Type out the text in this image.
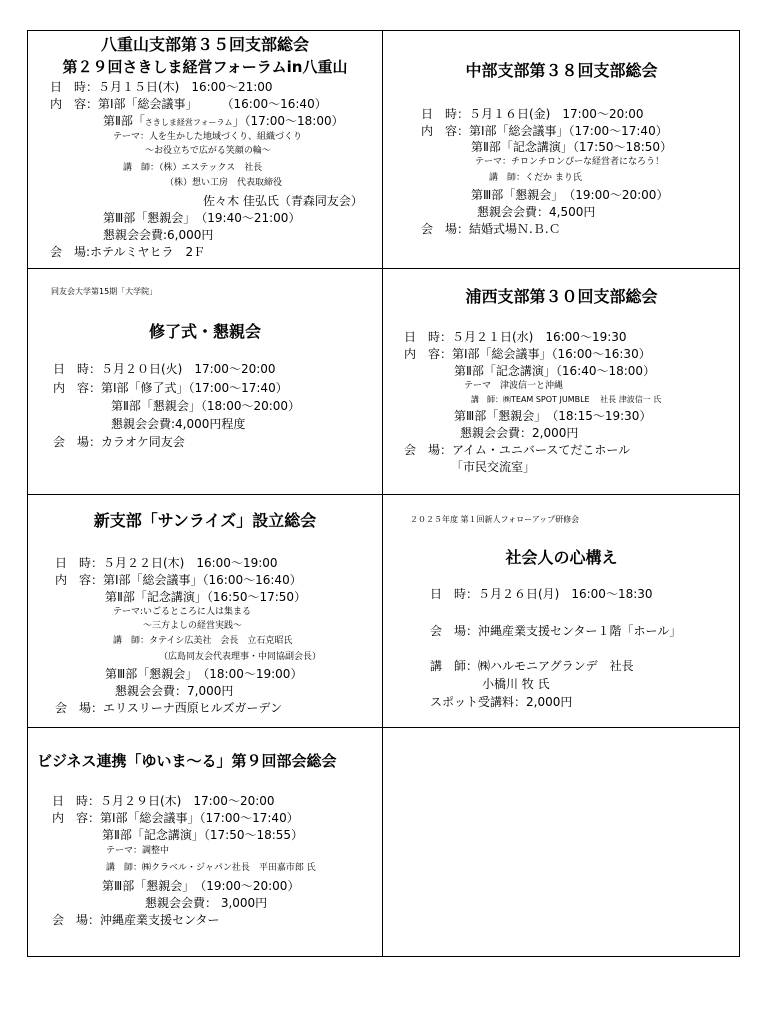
八重山支部第３５回支部総会
第２９回さきしま経営フォーラムin八重山
日　時：５月１５日(木)　16:00～21:00
内　容：第Ⅰ部「総会議事」　　　（16:00～16:40）
第Ⅱ部「さきしま経営フォーラム」（17:00～18:00）
テーマ：人を生かした地域づくり、組織づくり
～お役立ちで広がる笑顔の輪～
講　師：（株）エステックス　社長
（株）想い工房　代表取締役
佐々木 佳弘氏（青森同友会）
第Ⅲ部「懇親会」　（19:40～21:00）
懇親会会費:6,000円
会　場:ホテルミヤヒラ　2Ｆ
中部支部第３８回支部総会
日　時：５月１６日(金)　17:00～20:00
内　容：第Ⅰ部「総会議事」（17:00～17:40）
第Ⅱ部「記念講演」（17:50～18:50）
テーマ：チロンチロンぴーな経営者になろう！
講　師：くだか まり氏
第Ⅲ部「懇親会」　（19:00～20:00）
懇親会会費：4,500円
会　場：結婚式場Ｎ.Ｂ.Ｃ
同友会大学第15期「大学院」
修了式・懇親会
日　時：５月２０日(火)　17:00～20:00
内　容：第Ⅰ部「修了式」（17:00～17:40）
第Ⅱ部「懇親会」（18:00～20:00）
懇親会会費:4,000円程度
会　場：カラオケ同友会
浦西支部第３０回支部総会
日　時：５月２１日(水)　16:00～19:30
内　容：第Ⅰ部「総会議事」（16:00～16:30）
第Ⅱ部「記念講演」（16:40～18:00）
テーマ　津波信一と沖縄
講　師：㈱TEAM SPOT JUMBLE　 社長 津波信一 氏
第Ⅲ部「懇親会」　（18:15～19:30）
懇親会会費：2,000円
会　場：アイム・ユニバースてだこホール
「市民交流室」
新支部「サンライズ」設立総会
日　時：５月２２日(木)　16:00～19:00
内　容：第Ⅰ部「総会議事」（16:00～16:40）
第Ⅱ部「記念講演」（16:50～17:50）
テーマ:いごるところに人は集まる
～三方よしの経営実践～
講　師：タテイシ広美社　会長　立石克昭氏
（広島同友会代表理事・中同協副会長）
第Ⅲ部「懇親会」　（18:00～19:00）
懇親会会費：7,000円
会　場：エリスリーナ西原ヒルズガーデン
２０２５年度 第１回新人フォローアップ研修会
社会人の心構え
日　時：５月２６日(月)　16:00～18:30
会　場：沖縄産業支援センター１階「ホール」
講　師：㈱ハルモニアグランデ　社長
小橋川 牧 氏
スポット受講料：2,000円
ビジネス連携「ゆいま～る」第９回部会総会
日　時：５月２９日(木)　17:00～20:00
内　容：第Ⅰ部「総会議事」（17:00～17:40）
第Ⅱ部「記念講演」（17:50～18:55）
テーマ：調整中
講　師：㈱クラベル・ジャパン社長　平田嘉市郎 氏
第Ⅲ部「懇親会」　（19:00～20:00）
懇親会会費： 3,000円
会　場：沖縄産業支援センター
